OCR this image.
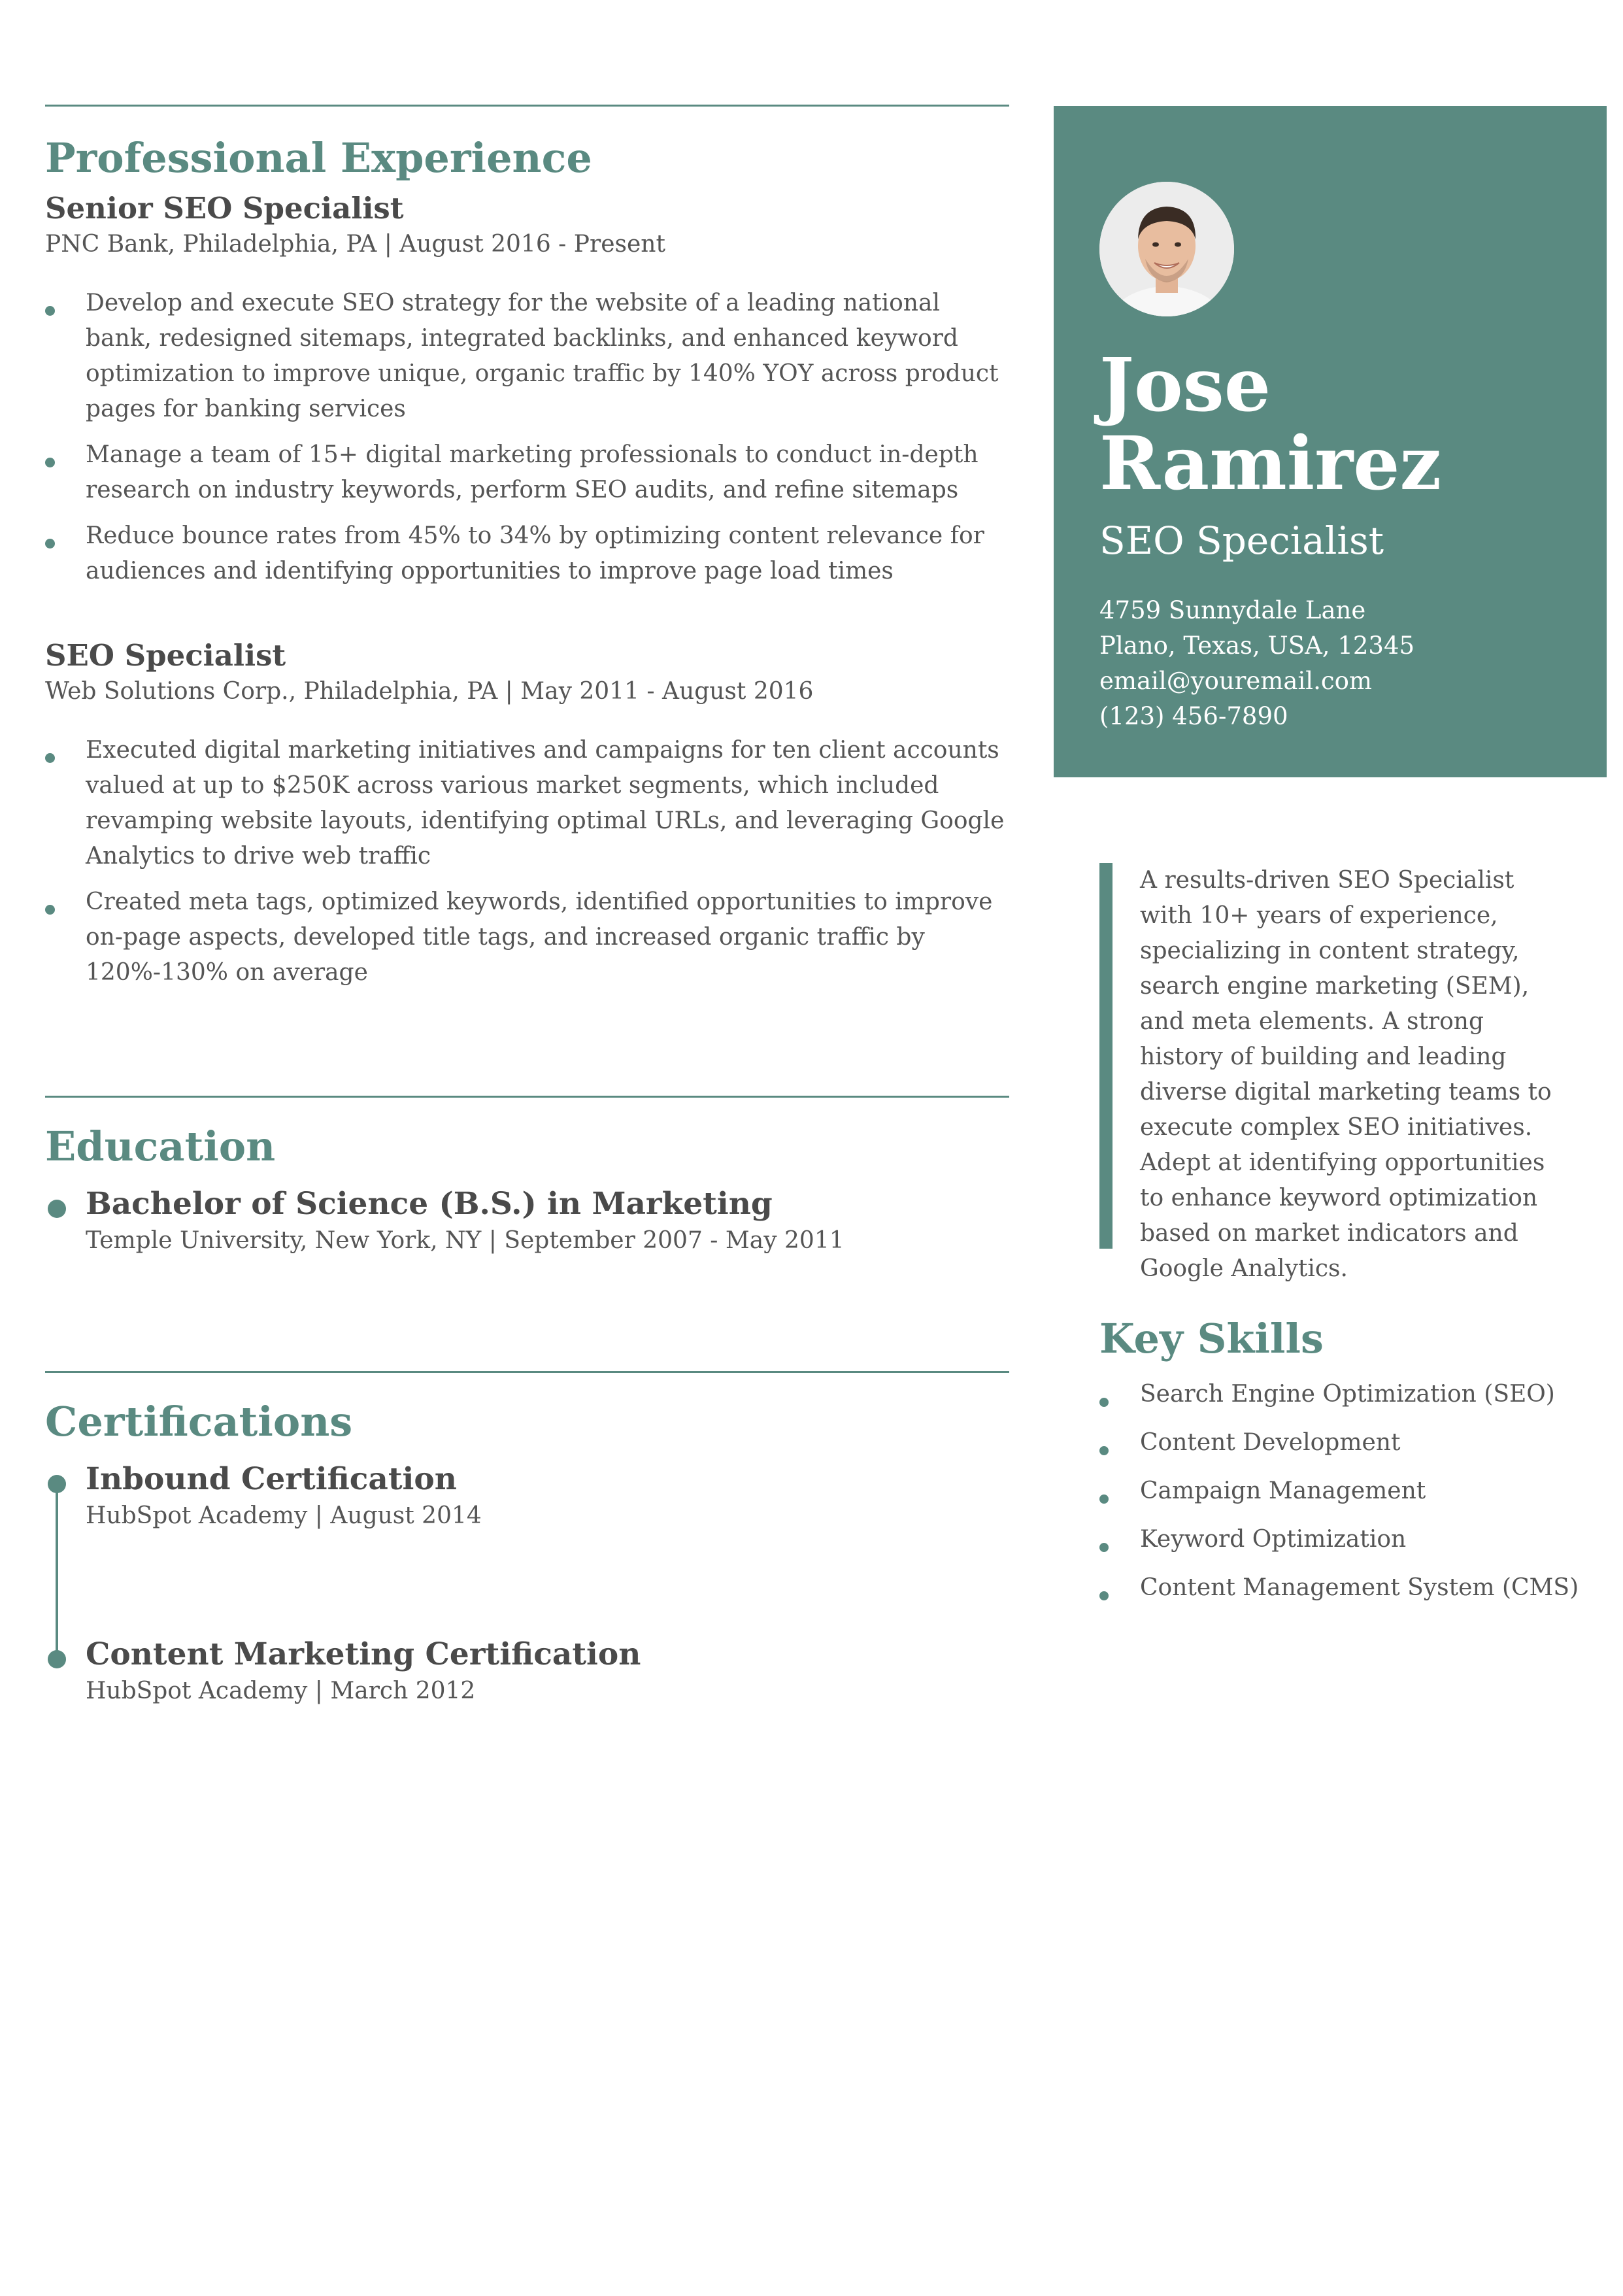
Professional Experience

Senior SEO Specialist

PNC Bank, Philadelphia, PA | August 2016 - Present

Develop and execute SEO strategy for the website of a leading national bank, redesigned sitemaps, integrated backlinks, and enhanced keyword optimization to improve unique, organic traffic by 140% YOY across product pages for banking services
Manage a team of 15+ digital marketing professionals to conduct in-depth research on industry keywords, perform SEO audits, and refine sitemaps
Reduce bounce rates from 45% to 34% by optimizing content relevance for audiences and identifying opportunities to improve page load times

SEO Specialist

Web Solutions Corp., Philadelphia, PA | May 2011 - August 2016

Executed digital marketing initiatives and campaigns for ten client accounts valued at up to $250K across various market segments, which included revamping website layouts, identifying optimal URLs, and leveraging Google Analytics to drive web traffic
Created meta tags, optimized keywords, identified opportunities to improve on-page aspects, developed title tags, and increased organic traffic by 120%-130% on average
Education

Bachelor of Science (B.S.) in Marketing

Temple University, New York, NY | September 2007 - May 2011

Certifications

Inbound Certification

HubSpot Academy | August 2014

Content Marketing Certification

HubSpot Academy | March 2012

Jose
Ramirez

SEO Specialist

4759 Sunnydale Lane
Plano, Texas, USA, 12345
email@youremail.com
(123) 456-7890

A results-driven SEO Specialist with 10+ years of experience, specializing in content strategy, search engine marketing (SEM), and meta elements. A strong history of building and leading diverse digital marketing teams to execute complex SEO initiatives. Adept at identifying opportunities to enhance keyword optimization based on market indicators and Google Analytics.

Key Skills
Search Engine Optimization (SEO)
Content Development
Campaign Management
Keyword Optimization
Content Management System (CMS)
